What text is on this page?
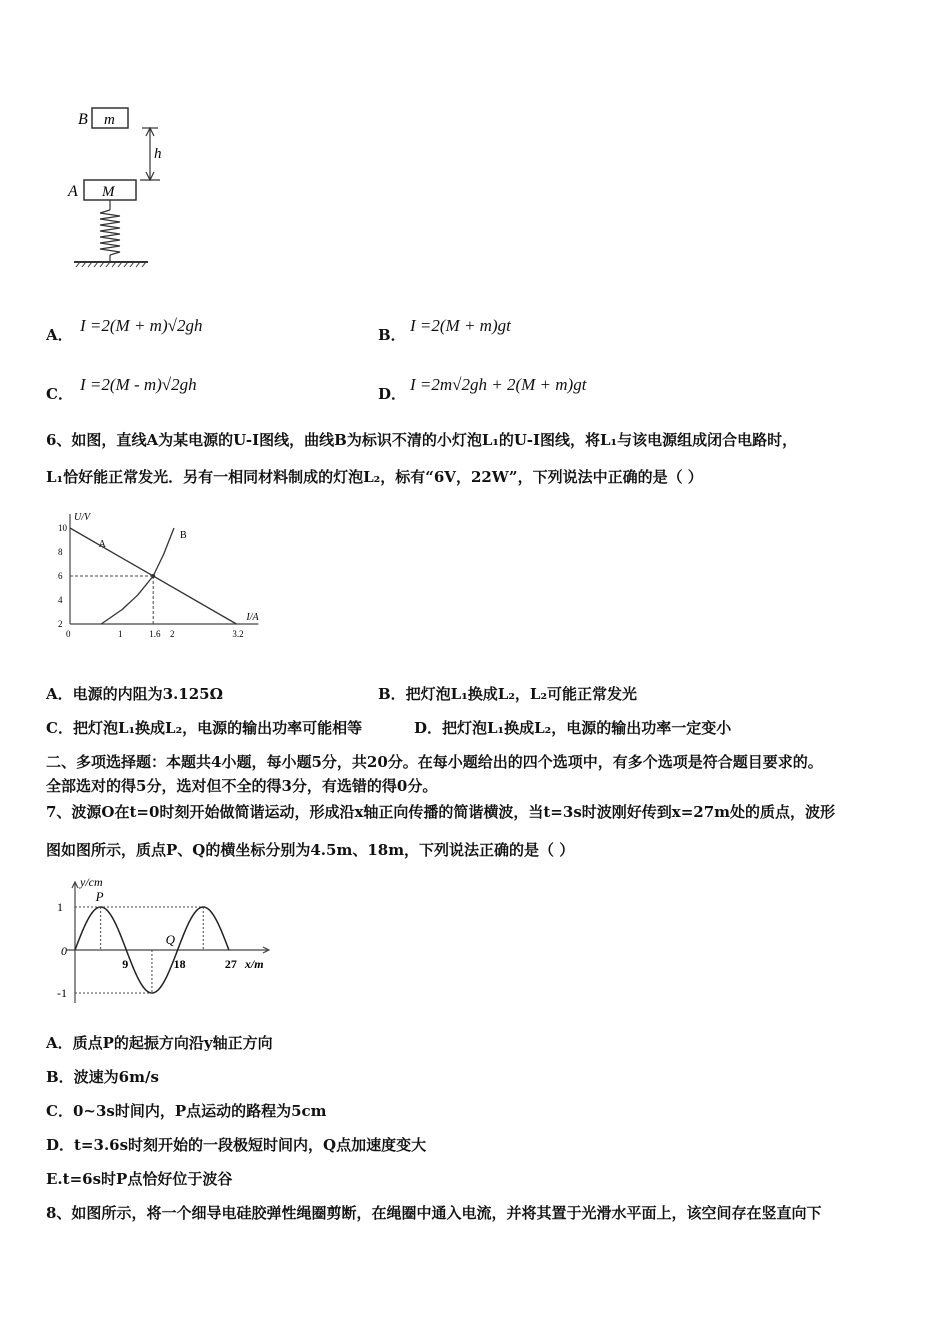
B m
h
A M
A． I =2(M + m)√2gh	B． I =2(M + m)gt
C． I =2(M - m)√2gh	D． I =2m√2gh + 2(M + m)gt
6、如图，直线A为某电源的U-I图线，曲线B为标识不清的小灯泡L₁的U-I图线，将L₁与该电源组成闭合电路时，
L₁恰好能正常发光．另有一相同材料制成的灯泡L₂，标有“6V，22W”，下列说法中正确的是（ ）
U/V
I/A
2
4
6
8
10
0	1	1.6 2	3.2
A
B
A．电源的内阻为3.125Ω	B．把灯泡L₁换成L₂，L₂可能正常发光
C．把灯泡L₁换成L₂，电源的输出功率可能相等	D．把灯泡L₁换成L₂，电源的输出功率一定变小
二、多项选择题：本题共4小题，每小题5分，共20分。在每小题给出的四个选项中，有多个选项是符合题目要求的。
全部选对的得5分，选对但不全的得3分，有选错的得0分。
7、波源O在t=0时刻开始做简谐运动，形成沿x轴正向传播的简谐横波，当t=3s时波刚好传到x=27m处的质点，波形
图如图所示，质点P、Q的横坐标分别为4.5m、18m，下列说法正确的是（ ）
y/cm
x/m
0
9	18	27
1
-1
P
Q
A．质点P的起振方向沿y轴正方向
B．波速为6m/s
C．0~3s时间内，P点运动的路程为5cm
D．t=3.6s时刻开始的一段极短时间内，Q点加速度变大
E.t=6s时P点恰好位于波谷
8、如图所示，将一个细导电硅胶弹性绳圈剪断，在绳圈中通入电流，并将其置于光滑水平面上，该空间存在竖直向下
